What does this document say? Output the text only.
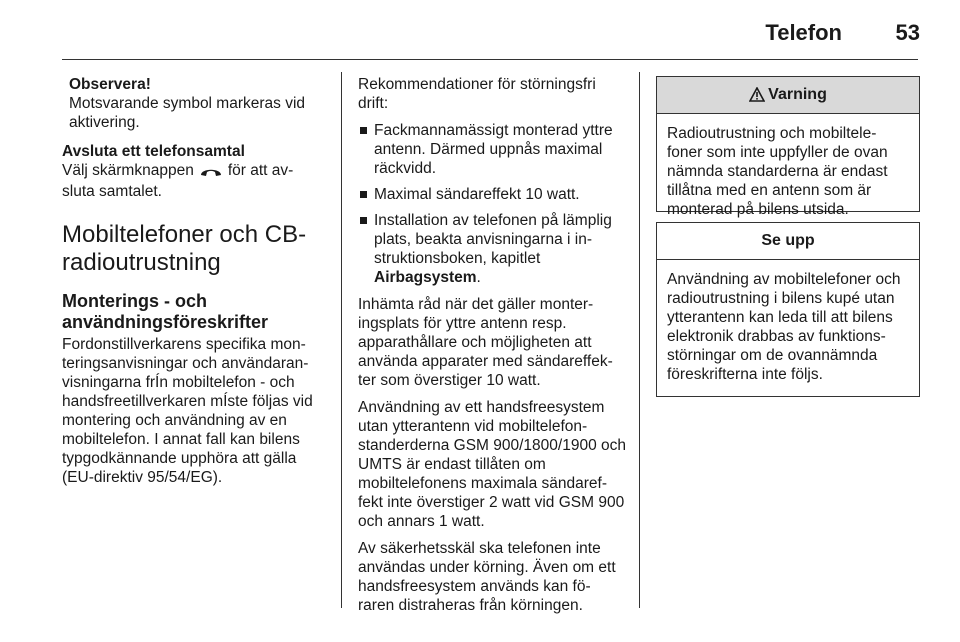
Telefon 53
Observera!
Motsvarande symbol markeras vid aktivering.
Avsluta ett telefonsamtal

Välj skärmknappen för att av- sluta samtalet.

Mobiltelefoner och CB-radioutrustning
Monterings - och användningsföreskrifter

Fordonstillverkarens specifika mon- teringsanvisningar och användaran- visningarna frÍn mobiltelefon - och handsfreetillverkaren mÍste följas vid montering och användning av en mobiltelefon. I annat fall kan bilens typgodkännande upphöra att gälla (EU-direktiv 95/54/EG).

Rekommendationer för störningsfri drift:

Fackmannamässigt monterad yttre antenn. Därmed uppnås maximal räckvidd.
Maximal sändareffekt 10 watt.
Installation av telefonen på lämplig plats, beakta anvisningarna i in- struktionsboken, kapitlet
Airbagsystem.

Inhämta råd när det gäller monter- ingsplats för yttre antenn resp. apparathållare och möjligheten att använda apparater med sändareffek- ter som överstiger 10 watt.

Användning av ett handsfreesystem utan ytterantenn vid mobiltelefon- standerderna GSM 900/1800/1900 och UMTS är endast tillåten om mobiltelefonens maximala sändaref- fekt inte överstiger 2 watt vid GSM 900 och annars 1 watt.

Av säkerhetsskäl ska telefonen inte användas under körning. Även om ett handsfreesystem används kan fö- raren distraheras från körningen.

Varning
Radioutrustning och mobiltele- foner som inte uppfyller de ovan nämnda standarderna är endast tillåtna med en antenn som är monterad på bilens utsida.
Se upp
Användning av mobiltelefoner och radioutrustning i bilens kupé utan ytterantenn kan leda till att bilens elektronik drabbas av funktions- störningar om de ovannämnda föreskrifterna inte följs.
